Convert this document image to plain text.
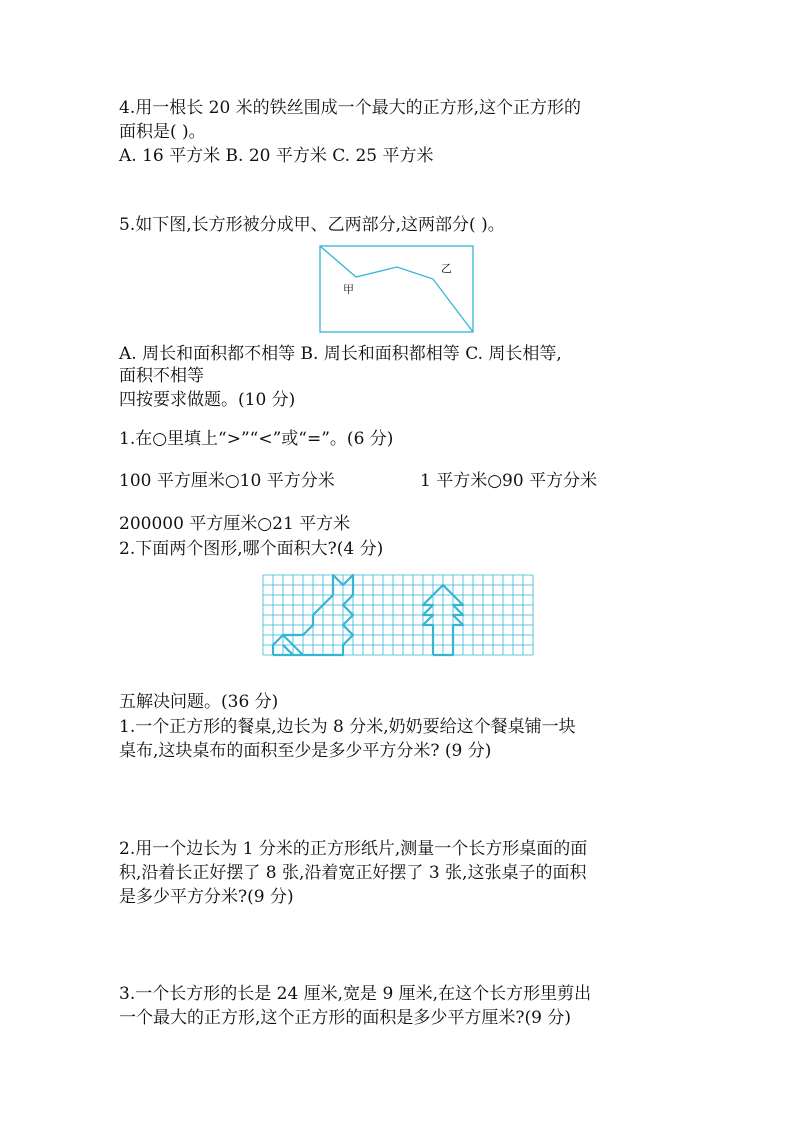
4.用一根长 20 米的铁丝围成一个最大的正方形,这个正方形的
面积是( )。
A. 16 平方米 B. 20 平方米 C. 25 平方米
5.如下图,长方形被分成甲、乙两部分,这两部分( )。
甲
乙
A. 周长和面积都不相等 B. 周长和面积都相等 C. 周长相等,
面积不相等
四按要求做题。(10 分)
1.在○里填上“>”“<”或“=”。(6 分)
100 平方厘米○10 平方分米	1 平方米○90 平方分米
200000 平方厘米○21 平方米
2.下面两个图形,哪个面积大?(4 分)
五解决问题。(36 分)
1.一个正方形的餐桌,边长为 8 分米,奶奶要给这个餐桌铺一块
桌布,这块桌布的面积至少是多少平方分米? (9 分)
2.用一个边长为 1 分米的正方形纸片,测量一个长方形桌面的面
积,沿着长正好摆了 8 张,沿着宽正好摆了 3 张,这张桌子的面积
是多少平方分米?(9 分)
3.一个长方形的长是 24 厘米,宽是 9 厘米,在这个长方形里剪出
一个最大的正方形,这个正方形的面积是多少平方厘米?(9 分)
